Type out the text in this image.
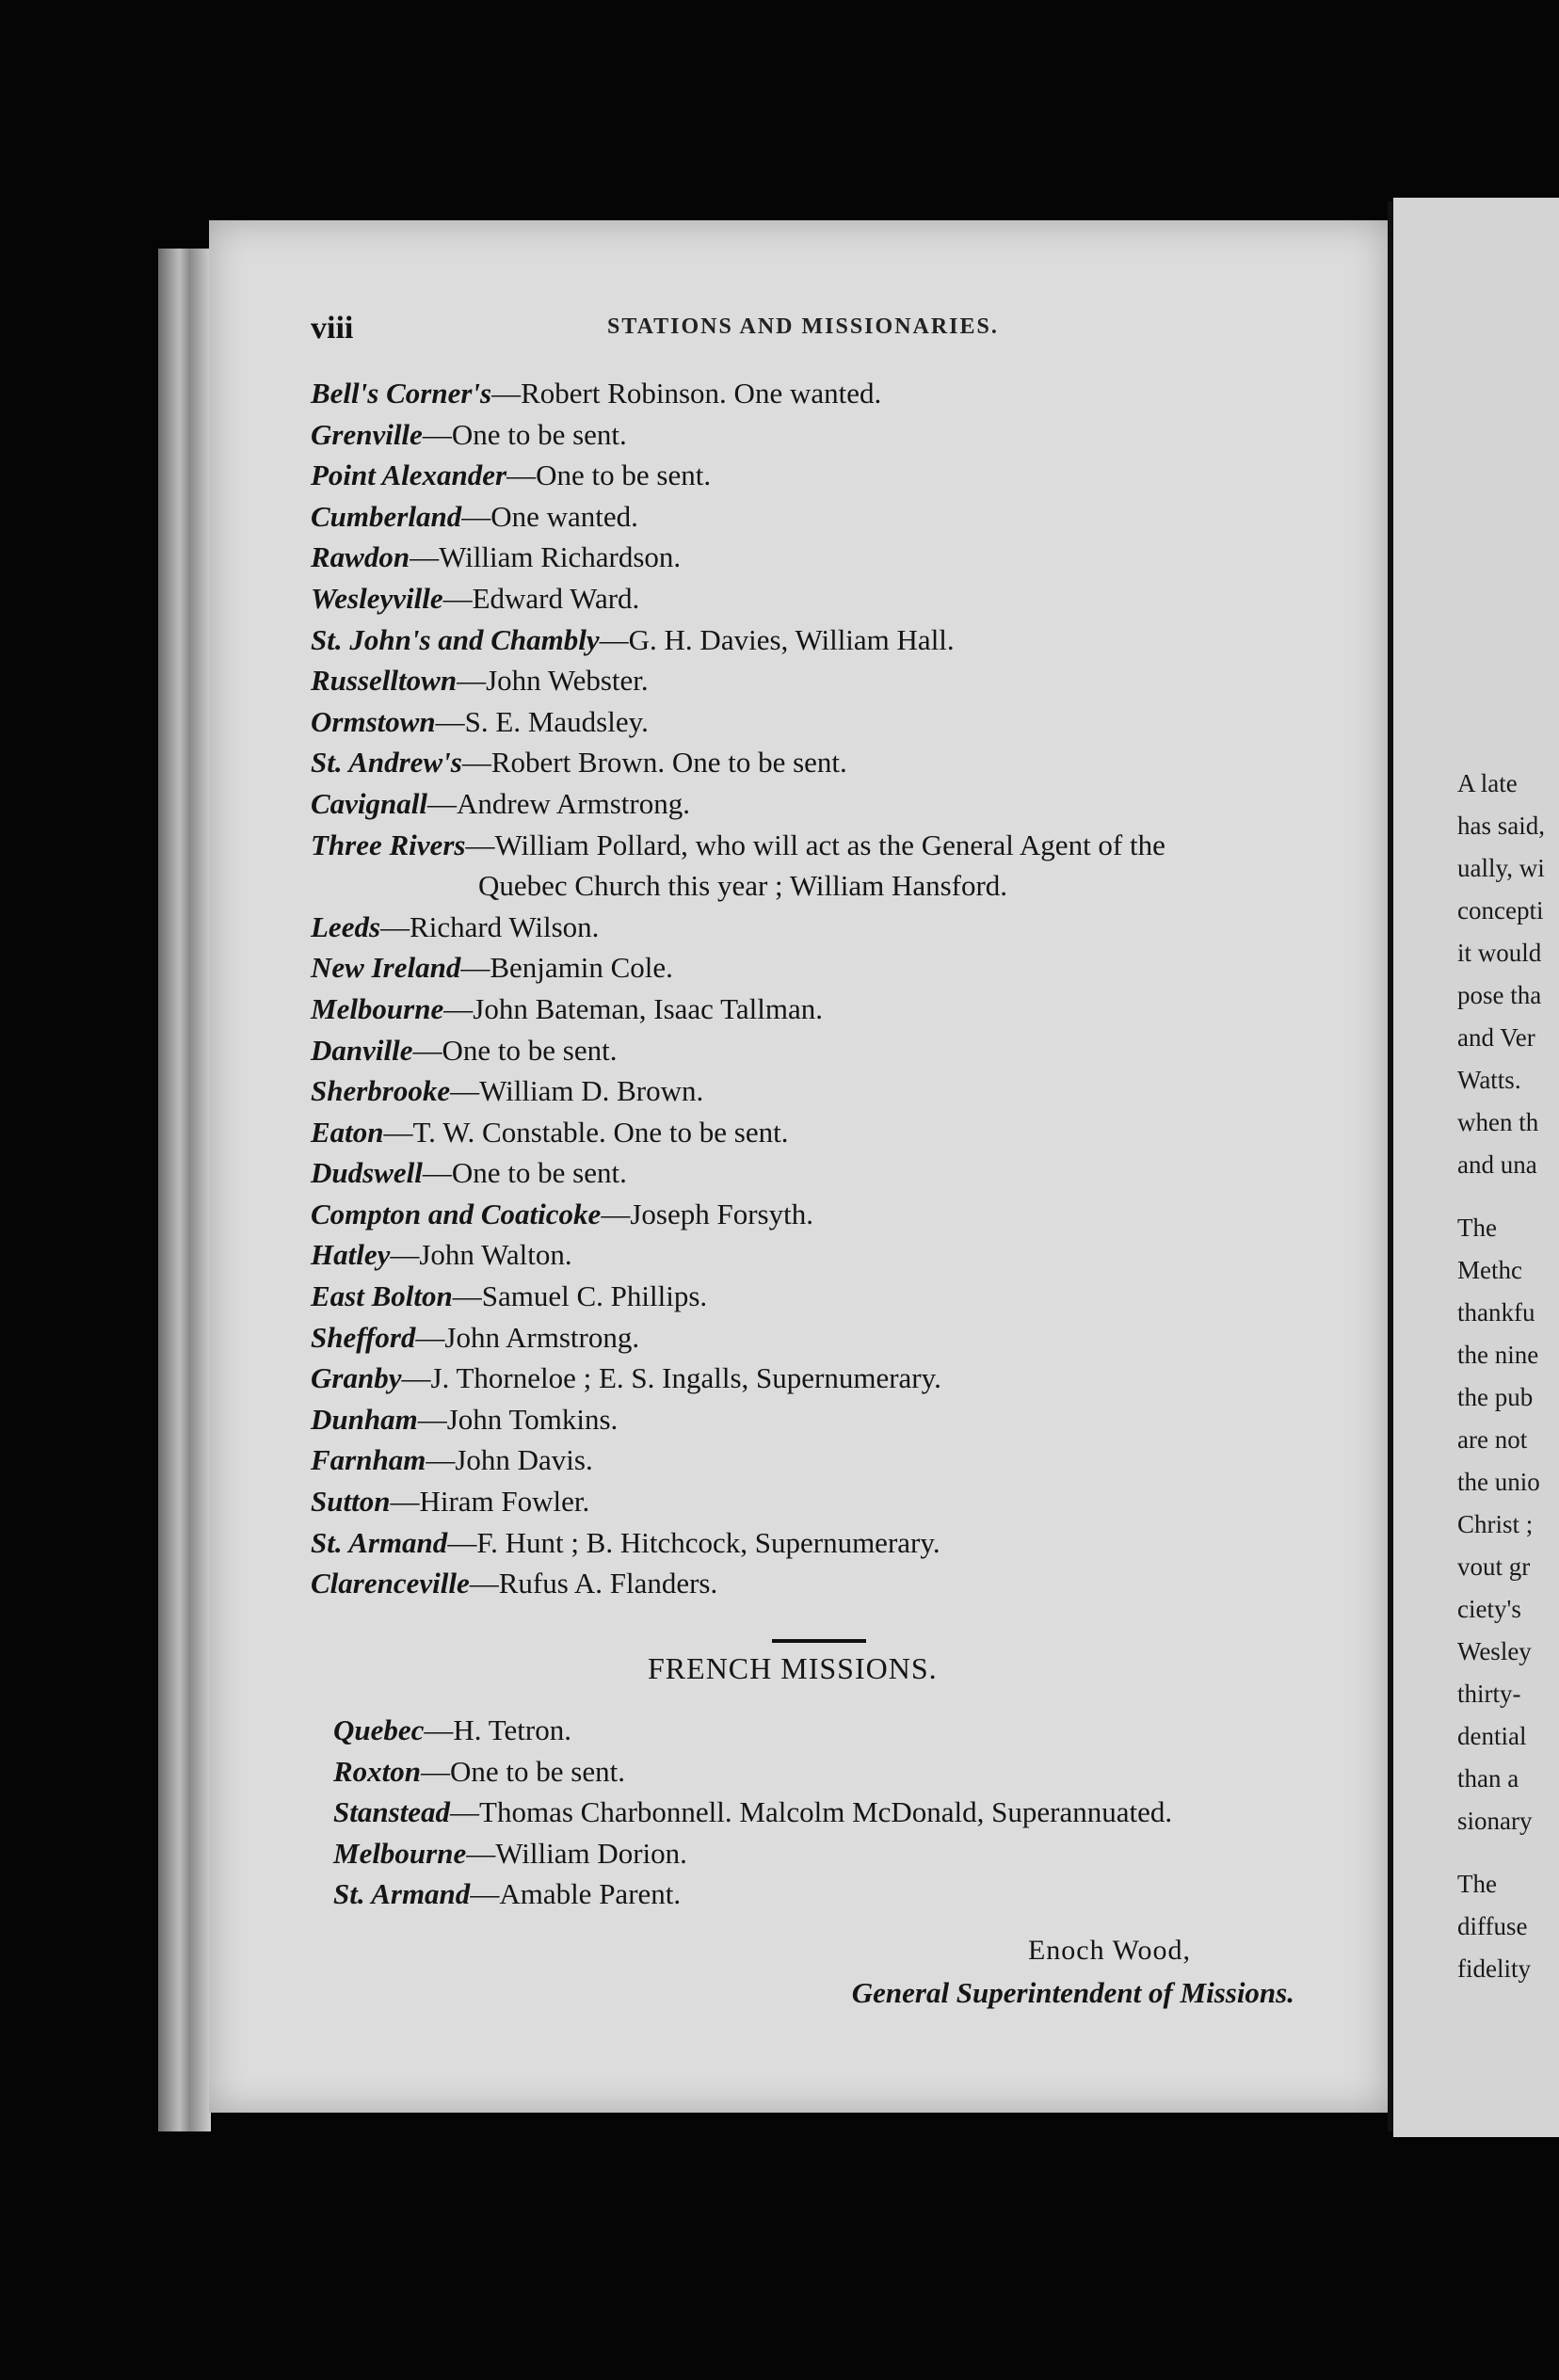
viii	STATIONS AND MISSIONARIES.
Bell's Corner's—Robert Robinson. One wanted.
Grenville—One to be sent.
Point Alexander—One to be sent.
Cumberland—One wanted.
Rawdon—William Richardson.
Wesleyville—Edward Ward.
St. John's and Chambly—G. H. Davies, William Hall.
Russelltown—John Webster.
Ormstown—S. E. Maudsley.
St. Andrew's—Robert Brown. One to be sent.
Cavignall—Andrew Armstrong.
Three Rivers—William Pollard, who will act as the General Agent of the
Quebec Church this year ; William Hansford.
Leeds—Richard Wilson.
New Ireland—Benjamin Cole.
Melbourne—John Bateman, Isaac Tallman.
Danville—One to be sent.
Sherbrooke—William D. Brown.
Eaton—T. W. Constable. One to be sent.
Dudswell—One to be sent.
Compton and Coaticoke—Joseph Forsyth.
Hatley—John Walton.
East Bolton—Samuel C. Phillips.
Shefford—John Armstrong.
Granby—J. Thorneloe ; E. S. Ingalls, Supernumerary.
Dunham—John Tomkins.
Farnham—John Davis.
Sutton—Hiram Fowler.
St. Armand—F. Hunt ; B. Hitchcock, Supernumerary.
Clarenceville—Rufus A. Flanders.
FRENCH MISSIONS.
Quebec—H. Tetron.
Roxton—One to be sent.
Stanstead—Thomas Charbonnell. Malcolm McDonald, Superannuated.
Melbourne—William Dorion.
St. Armand—Amable Parent.
Enoch Wood,
General Superintendent of Missions.
A late
has said,
ually, wi
concepti
it would
pose tha
and Ver
Watts.
when th
and una
The
Methc
thankfu
the nine
the pub
are not
the unio
Christ ;
vout gr
ciety's
Wesley
thirty-
dential
than a
sionary
The
diffuse
fidelity
